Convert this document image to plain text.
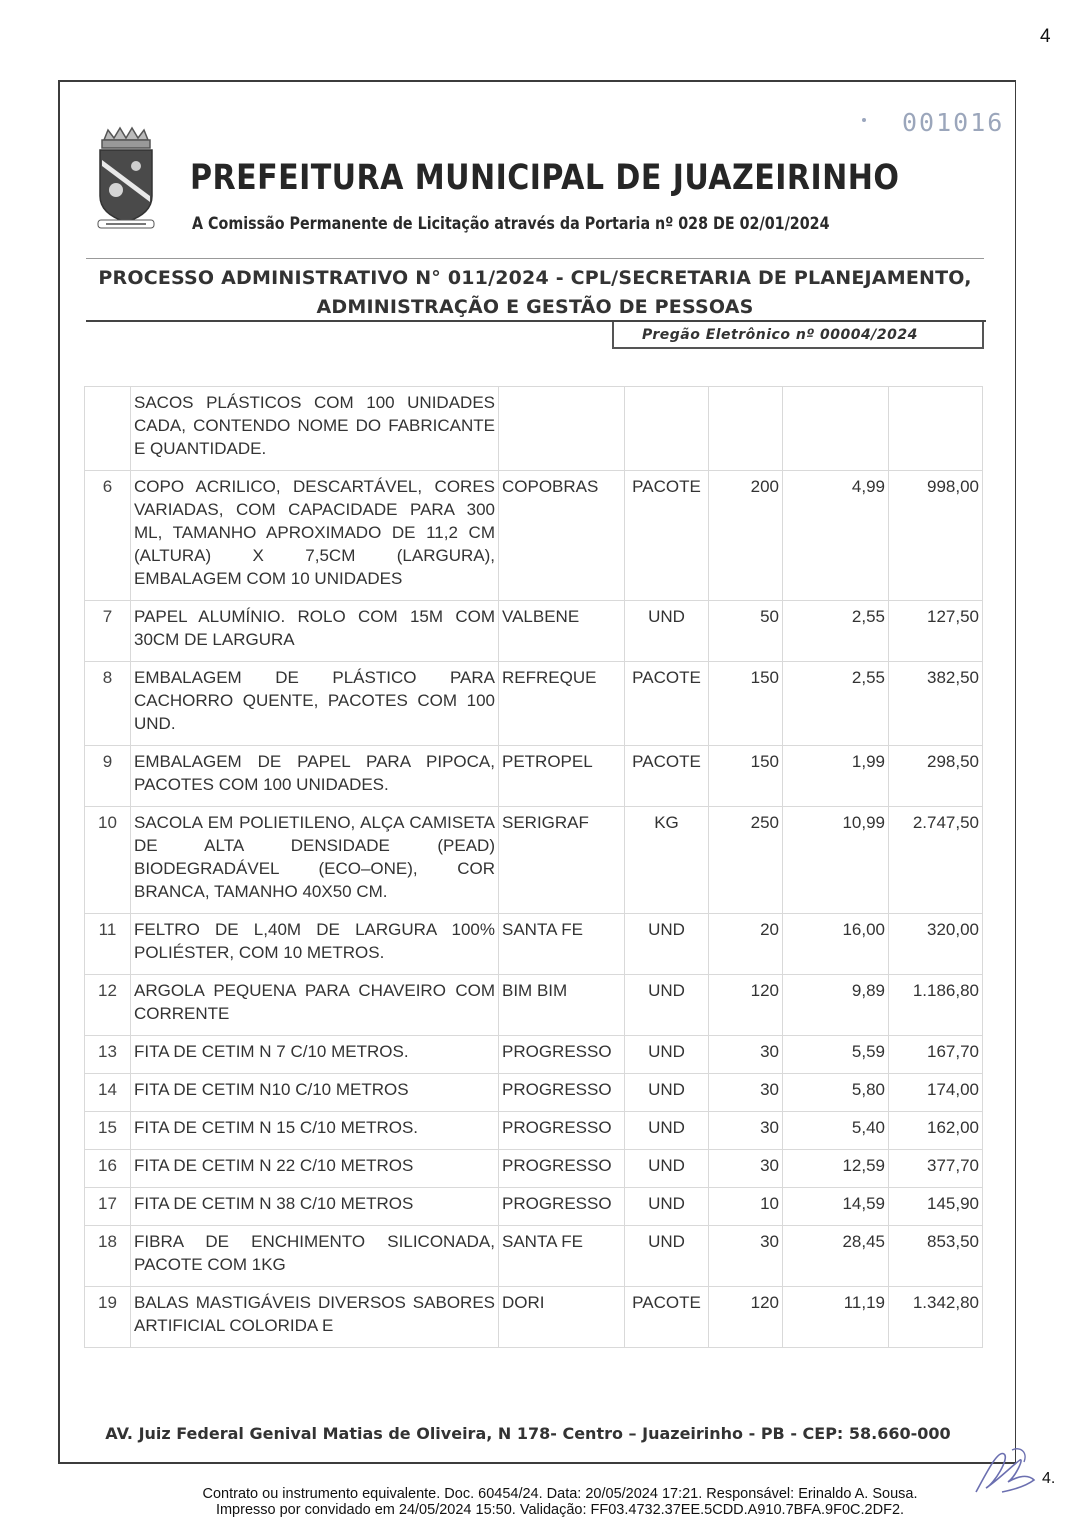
4
001016
PREFEITURA MUNICIPAL DE JUAZEIRINHO
A Comissão Permanente de Licitação através da Portaria nº 028 DE 02/01/2024
PROCESSO ADMINISTRATIVO N° 011/2024 - CPL/SECRETARIA DE PLANEJAMENTO,
ADMINISTRAÇÃO E GESTÃO DE PESSOAS
Pregão Eletrônico nº 00004/2024
	SACOS PLÁSTICOS COM 100 UNIDADES CADA, CONTENDO NOME DO FABRICANTE E QUANTIDADE.					
6	COPO ACRILICO, DESCARTÁVEL, CORES VARIADAS, COM CAPACIDADE PARA 300 ML, TAMANHO APROXIMADO DE 11,2 CM (ALTURA) X 7,5CM (LARGURA), EMBALAGEM COM 10 UNIDADES	COPOBRAS	PACOTE	200	4,99	998,00
7	PAPEL ALUMÍNIO. ROLO COM 15M COM 30CM DE LARGURA	VALBENE	UND	50	2,55	127,50
8	EMBALAGEM DE PLÁSTICO PARA CACHORRO QUENTE, PACOTES COM 100 UND.	REFREQUE	PACOTE	150	2,55	382,50
9	EMBALAGEM DE PAPEL PARA PIPOCA, PACOTES COM 100 UNIDADES.	PETROPEL	PACOTE	150	1,99	298,50
10	SACOLA EM POLIETILENO, ALÇA CAMISETA DE ALTA DENSIDADE (PEAD) BIODEGRADÁVEL (ECO–ONE), COR BRANCA, TAMANHO 40X50 CM.	SERIGRAF	KG	250	10,99	2.747,50
11	FELTRO DE L,40M DE LARGURA 100% POLIÉSTER, COM 10 METROS.	SANTA FE	UND	20	16,00	320,00
12	ARGOLA PEQUENA PARA CHAVEIRO COM CORRENTE	BIM BIM	UND	120	9,89	1.186,80
13	FITA DE CETIM N 7 C/10 METROS.	PROGRESSO	UND	30	5,59	167,70
14	FITA DE CETIM N10 C/10 METROS	PROGRESSO	UND	30	5,80	174,00
15	FITA DE CETIM N 15 C/10 METROS.	PROGRESSO	UND	30	5,40	162,00
16	FITA DE CETIM N 22 C/10 METROS	PROGRESSO	UND	30	12,59	377,70
17	FITA DE CETIM N 38 C/10 METROS	PROGRESSO	UND	10	14,59	145,90
18	FIBRA DE ENCHIMENTO SILICONADA, PACOTE COM 1KG	SANTA FE	UND	30	28,45	853,50
19	BALAS MASTIGÁVEIS DIVERSOS SABORES ARTIFICIAL COLORIDA E	DORI	PACOTE	120	11,19	1.342,80
AV. Juiz Federal Genival Matias de Oliveira, N 178- Centro – Juazeirinho - PB - CEP: 58.660-000
4.
Contrato ou instrumento equivalente. Doc. 60454/24. Data: 20/05/2024 17:21. Responsável: Erinaldo A. Sousa.
Impresso por convidado em 24/05/2024 15:50. Validação: FF03.4732.37EE.5CDD.A910.7BFA.9F0C.2DF2.
